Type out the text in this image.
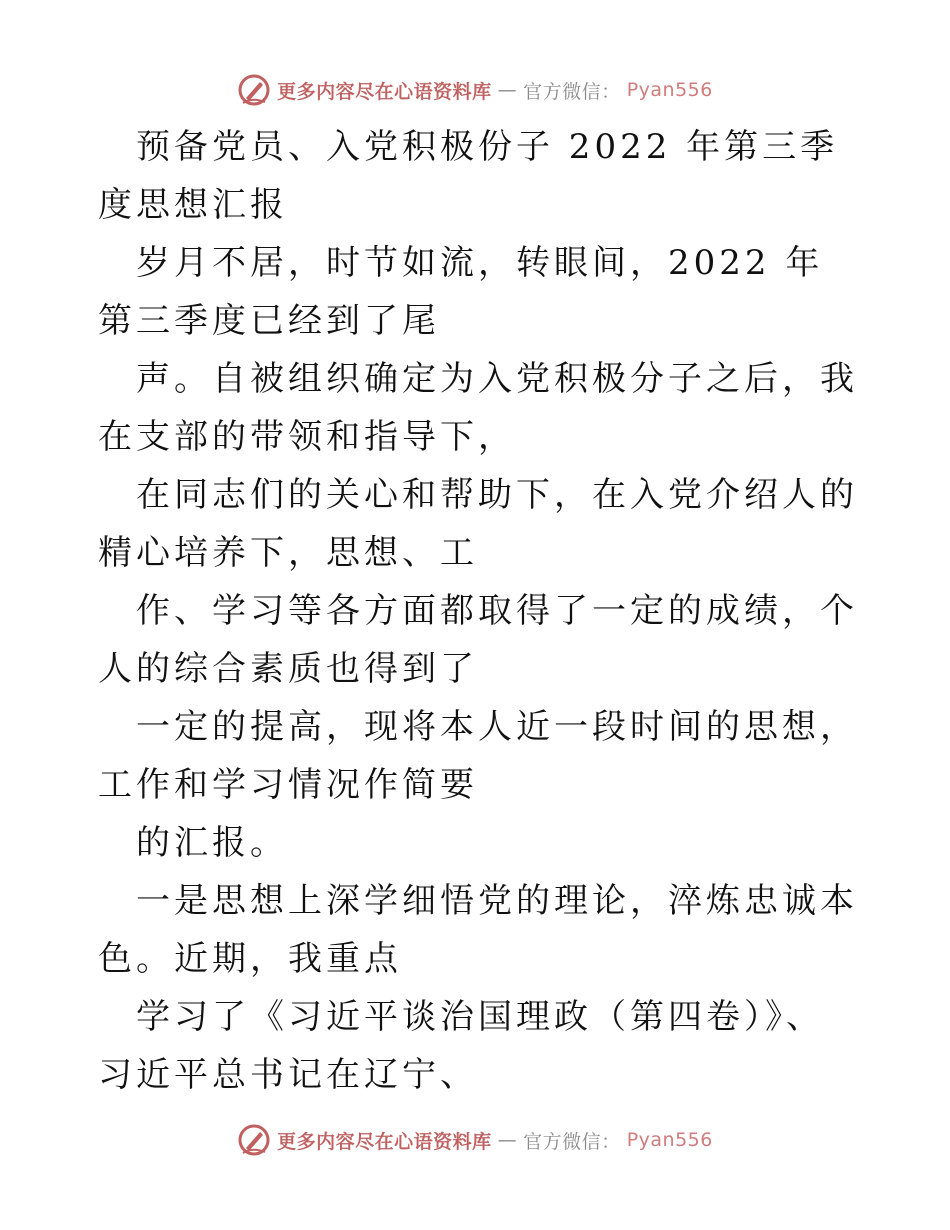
更多内容尽在心语资料库 — 官方微信： Pyan556

预备党员、入党积极份子 2022 年第三季度思想汇报

岁月不居，时节如流，转眼间，2022 年第三季度已经到了尾

声。自被组织确定为入党积极分子之后，我在支部的带领和指导下，

在同志们的关心和帮助下，在入党介绍人的精心培养下，思想、工

作、学习等各方面都取得了一定的成绩，个人的综合素质也得到了

一定的提高，现将本人近一段时间的思想，工作和学习情况作简要

的汇报。

一是思想上深学细悟党的理论，淬炼忠诚本色。近期，我重点

学习了《习近平谈治国理政（第四卷）》、习近平总书记在辽宁、

更多内容尽在心语资料库 — 官方微信： Pyan556
